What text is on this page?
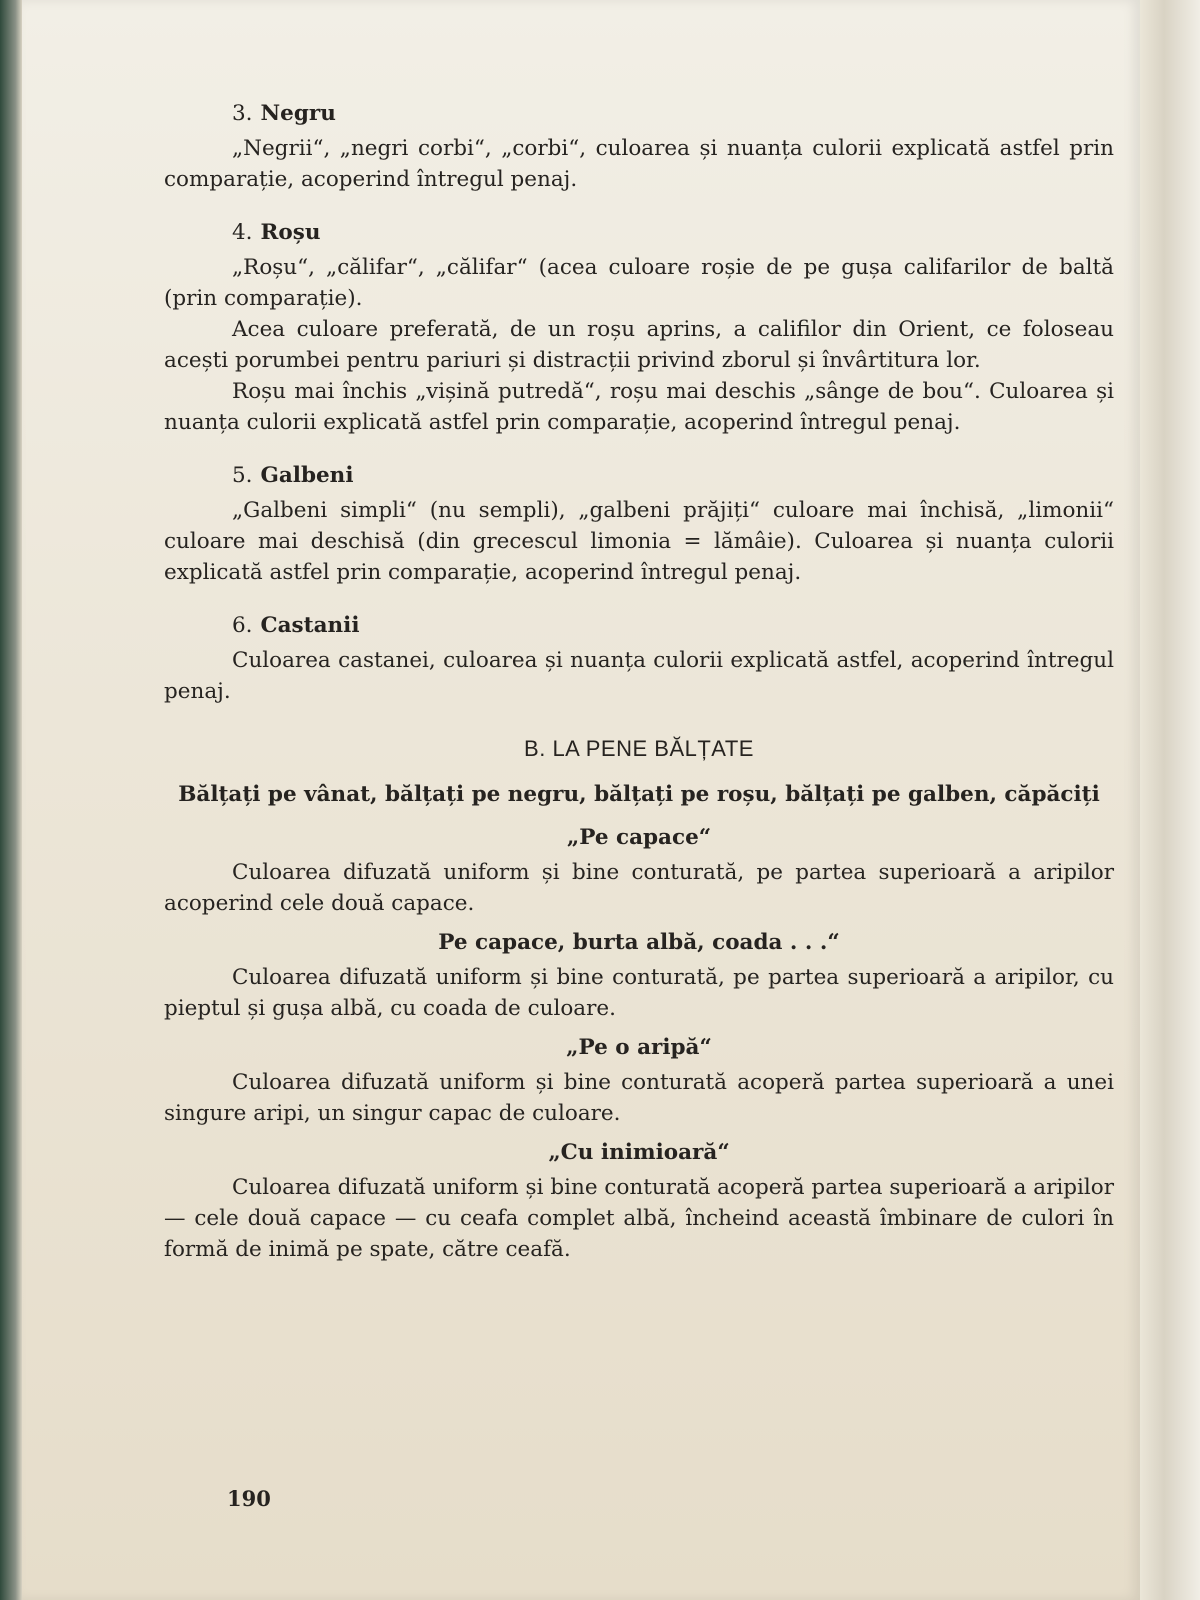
3. Negru

„Negrii“, „negri corbi“, „corbi“, culoarea și nuanța culorii explicată astfel prin comparație, acoperind întregul penaj.

4. Roșu

„Roșu“, „călifar“, „călifar“ (acea culoare roșie de pe gușa califarilor de baltă (prin comparație).

Acea culoare preferată, de un roșu aprins, a califilor din Orient, ce foloseau acești porumbei pentru pariuri și distracții privind zborul și învârtitura lor.

Roșu mai închis „vișină putredă“, roșu mai deschis „sânge de bou“. Culoarea și nuanța culorii explicată astfel prin comparație, acoperind întregul penaj.

5. Galbeni

„Galbeni simpli“ (nu sempli), „galbeni prăjiți“ culoare mai închisă, „limonii“ culoare mai deschisă (din grecescul limonia = lămâie). Culoarea și nuanța culorii explicată astfel prin comparație, acoperind întregul penaj.

6. Castanii

Culoarea castanei, culoarea și nuanța culorii explicată astfel, acoperind întregul penaj.

B. LA PENE BĂLȚATE

Bălțați pe vânat, bălțați pe negru, bălțați pe roșu, bălțați pe galben, căpăciți

„Pe capace“

Culoarea difuzată uniform și bine conturată, pe partea superioară a aripilor acoperind cele două capace.

Pe capace, burta albă, coada . . .“

Culoarea difuzată uniform și bine conturată, pe partea superioară a aripilor, cu pieptul și gușa albă, cu coada de culoare.

„Pe o aripă“

Culoarea difuzată uniform și bine conturată acoperă partea superioară a unei singure aripi, un singur capac de culoare.

„Cu inimioară“

Culoarea difuzată uniform și bine conturată acoperă partea superioară a aripilor — cele două capace — cu ceafa complet albă, încheind această îmbinare de culori în formă de inimă pe spate, către ceafă.

190
